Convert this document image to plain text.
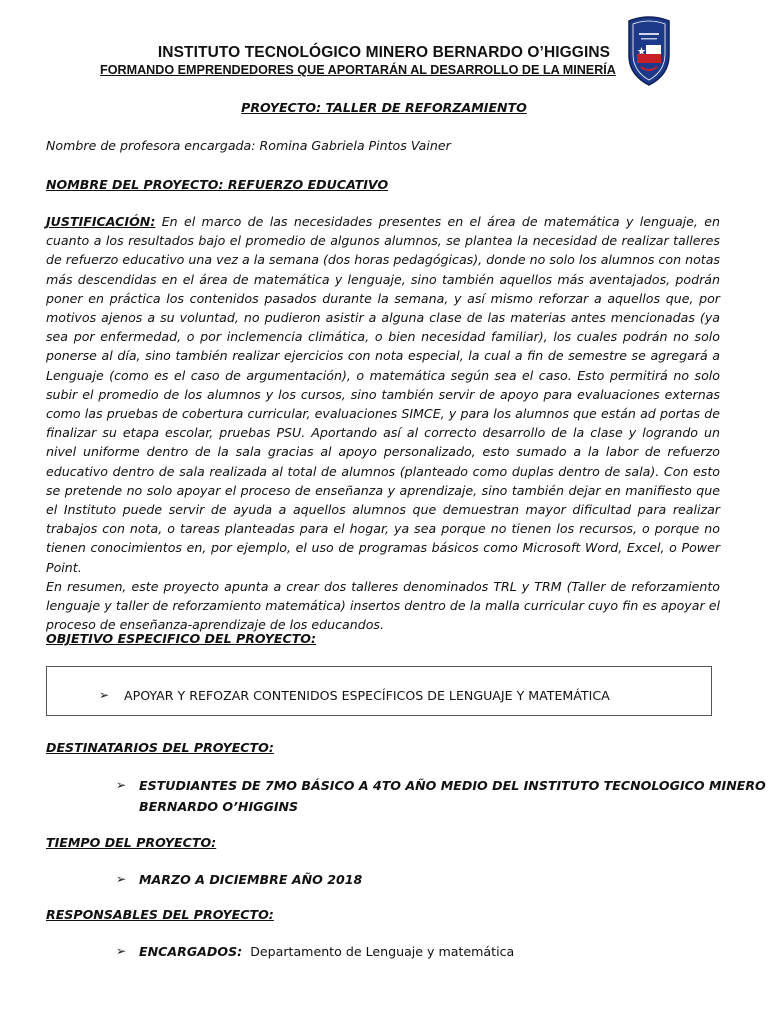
INSTITUTO TECNOLÓGICO MINERO BERNARDO O’HIGGINS
FORMANDO EMPRENDEDORES QUE APORTARÁN AL DESARROLLO DE LA MINERÍA
PROYECTO: TALLER DE REFORZAMIENTO
Nombre de profesora encargada: Romina Gabriela Pintos Vainer
NOMBRE DEL PROYECTO: REFUERZO EDUCATIVO
JUSTIFICACIÓN: En el marco de las necesidades presentes en el área de matemática y lenguaje, en cuanto a los resultados bajo el promedio de algunos alumnos, se plantea la necesidad de realizar talleres de refuerzo educativo una vez a la semana (dos horas pedagógicas), donde no solo los alumnos con notas más descendidas en el área de matemática y lenguaje, sino también aquellos más aventajados, podrán poner en práctica los contenidos pasados durante la semana, y así mismo reforzar a aquellos que, por motivos ajenos a su voluntad, no pudieron asistir a alguna clase de las materias antes mencionadas (ya sea por enfermedad, o por inclemencia climática, o bien necesidad familiar), los cuales podrán no solo ponerse al día, sino también realizar ejercicios con nota especial, la cual a fin de semestre se agregará a Lenguaje (como es el caso de argumentación), o matemática según sea el caso. Esto permitirá no solo subir el promedio de los alumnos y los cursos, sino también servir de apoyo para evaluaciones externas como las pruebas de cobertura curricular, evaluaciones SIMCE, y para los alumnos que están ad portas de finalizar su etapa escolar, pruebas PSU. Aportando así al correcto desarrollo de la clase y logrando un nivel uniforme dentro de la sala gracias al apoyo personalizado, esto sumado a la labor de refuerzo educativo dentro de sala realizada al total de alumnos (planteado como duplas dentro de sala). Con esto se pretende no solo apoyar el proceso de enseñanza y aprendizaje, sino también dejar en manifiesto que el Instituto puede servir de ayuda a aquellos alumnos que demuestran mayor dificultad para realizar trabajos con nota, o tareas planteadas para el hogar, ya sea porque no tienen los recursos, o porque no tienen conocimientos en, por ejemplo, el uso de programas básicos como Microsoft Word, Excel, o Power Point.
En resumen, este proyecto apunta a crear dos talleres denominados TRL y TRM (Taller de reforzamiento lenguaje y taller de reforzamiento matemática) insertos dentro de la malla curricular cuyo fin es apoyar el proceso de enseñanza-aprendizaje de los educandos.
OBJETIVO ESPECIFICO DEL PROYECTO:
➢ APOYAR Y REFOZAR CONTENIDOS ESPECÍFICOS DE LENGUAJE Y MATEMÁTICA
DESTINATARIOS DEL PROYECTO:
➢ ESTUDIANTES DE 7MO BÁSICO A 4TO AÑO MEDIO DEL INSTITUTO TECNOLOGICO MINERO
BERNARDO O’HIGGINS
TIEMPO DEL PROYECTO:
➢ MARZO A DICIEMBRE AÑO 2018
RESPONSABLES DEL PROYECTO:
➢ ENCARGADOS:  Departamento de Lenguaje y matemática
